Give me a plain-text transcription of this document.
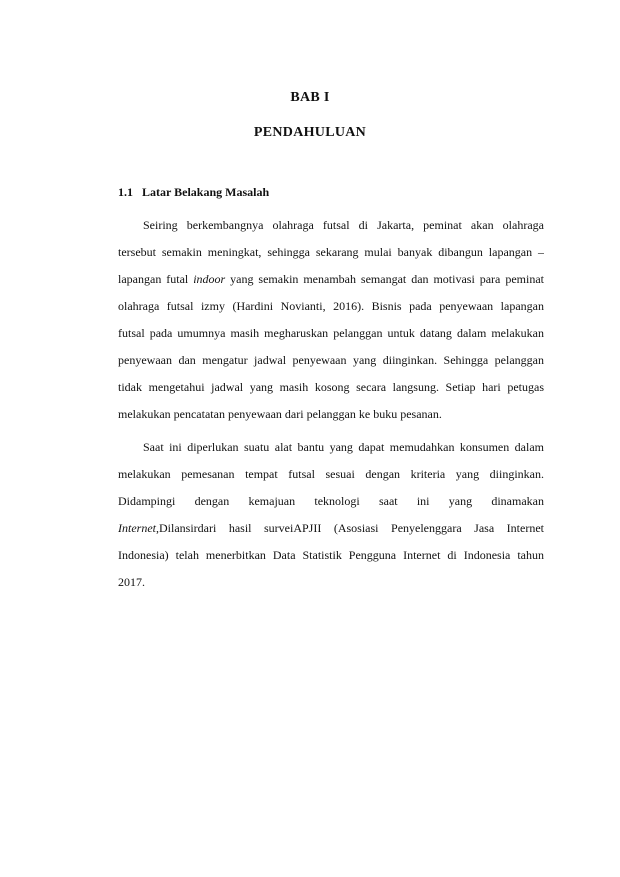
BAB I
PENDAHULUAN
1.1 Latar Belakang Masalah
Seiring berkembangnya olahraga futsal di Jakarta, peminat akan olahraga
tersebut semakin meningkat, sehingga sekarang mulai banyak dibangun lapangan –
lapangan futal indoor yang semakin menambah semangat dan motivasi para peminat
olahraga futsal izmy (Hardini Novianti, 2016). Bisnis pada penyewaan lapangan
futsal pada umumnya masih megharuskan pelanggan untuk datang dalam melakukan
penyewaan dan mengatur jadwal penyewaan yang diinginkan. Sehingga pelanggan
tidak mengetahui jadwal yang masih kosong secara langsung. Setiap hari petugas
melakukan pencatatan penyewaan dari pelanggan ke buku pesanan.
Saat ini diperlukan suatu alat bantu yang dapat memudahkan konsumen dalam
melakukan pemesanan tempat futsal sesuai dengan kriteria yang diinginkan.
Didampingi dengan kemajuan teknologi saat ini yang dinamakan
Internet,Dilansirdari hasil surveiAPJII (Asosiasi Penyelenggara Jasa Internet
Indonesia) telah menerbitkan Data Statistik Pengguna Internet di Indonesia tahun
2017.
